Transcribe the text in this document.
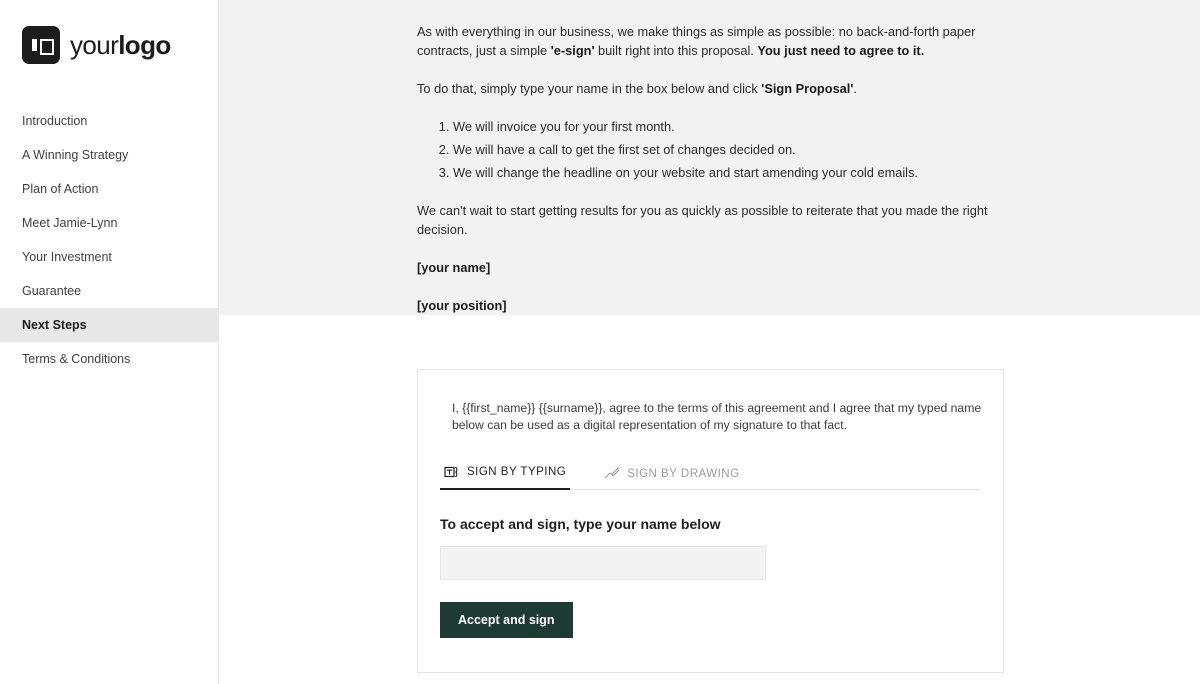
yourlogo
Introduction
A Winning Strategy
Plan of Action
Meet Jamie-Lynn
Your Investment
Guarantee
Next Steps
Terms & Conditions

As with everything in our business, we make things as simple as possible: no back-and-forth paper contracts, just a simple 'e-sign' built right into this proposal. You just need to agree to it.

To do that, simply type your name in the box below and click 'Sign Proposal'.

1. We will invoice you for your first month.
2. We will have a call to get the first set of changes decided on.
3. We will change the headline on your website and start amending your cold emails.

We can't wait to start getting results for you as quickly as possible to reiterate that you made the right decision.

[your name]

[your position]

I, {{first_name}} {{surname}}, agree to the terms of this agreement and I agree that my typed name below can be used as a digital representation of my signature to that fact.

SIGN BY TYPING	SIGN BY DRAWING
To accept and sign, type your name below
Accept and sign
